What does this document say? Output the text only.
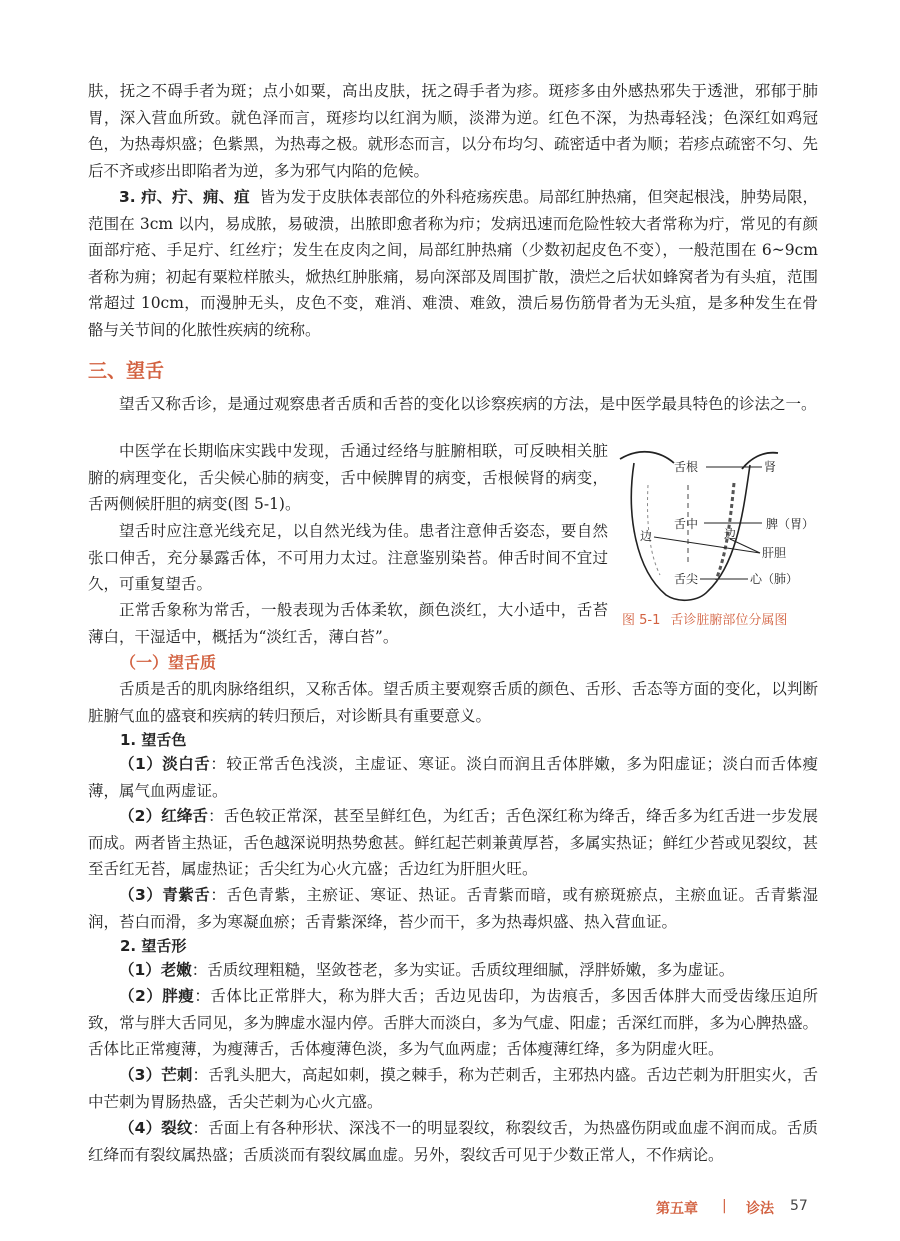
肤，抚之不碍手者为斑；点小如粟，高出皮肤，抚之碍手者为疹。斑疹多由外感热邪失于透泄，邪郁于肺胃，深入营血所致。就色泽而言，斑疹均以红润为顺，淡滞为逆。红色不深，为热毒轻浅；色深红如鸡冠色，为热毒炽盛；色紫黑，为热毒之极。就形态而言，以分布均匀、疏密适中者为顺；若疹点疏密不匀、先后不齐或疹出即陷者为逆，多为邪气内陷的危候。

3. 疖、疔、痈、疽 皆为发于皮肤体表部位的外科疮疡疾患。局部红肿热痛，但突起根浅，肿势局限，范围在 3cm 以内，易成脓，易破溃，出脓即愈者称为疖；发病迅速而危险性较大者常称为疔，常见的有颜面部疔疮、手足疔、红丝疔；发生在皮肉之间，局部红肿热痛（少数初起皮色不变），一般范围在 6~9cm 者称为痈；初起有粟粒样脓头，焮热红肿胀痛，易向深部及周围扩散，溃烂之后状如蜂窝者为有头疽，范围常超过 10cm，而漫肿无头，皮色不变，难消、难溃、难敛，溃后易伤筋骨者为无头疽，是多种发生在骨骼与关节间的化脓性疾病的统称。

三、望舌

望舌又称舌诊，是通过观察患者舌质和舌苔的变化以诊察疾病的方法，是中医学最具特色的诊法之一。

中医学在长期临床实践中发现，舌通过经络与脏腑相联，可反映相关脏腑的病理变化，舌尖候心肺的病变，舌中候脾胃的病变，舌根候肾的病变，舌两侧候肝胆的病变(图 5-1)。

望舌时应注意光线充足，以自然光线为佳。患者注意伸舌姿态，要自然张口伸舌，充分暴露舌体，不可用力太过。注意鉴别染苔。伸舌时间不宜过久，可重复望舌。

正常舌象称为常舌，一般表现为舌体柔软，颜色淡红，大小适中，舌苔薄白，干湿适中，概括为“淡红舌，薄白苔”。

舌根	肾
舌中	脾（胃）
边	边
肝胆
舌尖	心（肺）
图 5-1 舌诊脏腑部位分属图
（一）望舌质

舌质是舌的肌肉脉络组织，又称舌体。望舌质主要观察舌质的颜色、舌形、舌态等方面的变化，以判断脏腑气血的盛衰和疾病的转归预后，对诊断具有重要意义。

1. 望舌色

（1）淡白舌：较正常舌色浅淡，主虚证、寒证。淡白而润且舌体胖嫩，多为阳虚证；淡白而舌体瘦薄，属气血两虚证。

（2）红绛舌：舌色较正常深，甚至呈鲜红色，为红舌；舌色深红称为绛舌，绛舌多为红舌进一步发展而成。两者皆主热证，舌色越深说明热势愈甚。鲜红起芒刺兼黄厚苔，多属实热证；鲜红少苔或见裂纹，甚至舌红无苔，属虚热证；舌尖红为心火亢盛；舌边红为肝胆火旺。

（3）青紫舌：舌色青紫，主瘀证、寒证、热证。舌青紫而暗，或有瘀斑瘀点，主瘀血证。舌青紫湿润，苔白而滑，多为寒凝血瘀；舌青紫深绛，苔少而干，多为热毒炽盛、热入营血证。

2. 望舌形

（1）老嫩：舌质纹理粗糙，坚敛苍老，多为实证。舌质纹理细腻，浮胖娇嫩，多为虚证。

（2）胖瘦：舌体比正常胖大，称为胖大舌；舌边见齿印，为齿痕舌，多因舌体胖大而受齿缘压迫所致，常与胖大舌同见，多为脾虚水湿内停。舌胖大而淡白，多为气虚、阳虚；舌深红而胖，多为心脾热盛。舌体比正常瘦薄，为瘦薄舌，舌体瘦薄色淡，多为气血两虚；舌体瘦薄红绛，多为阴虚火旺。

（3）芒刺：舌乳头肥大，高起如刺，摸之棘手，称为芒刺舌，主邪热内盛。舌边芒刺为肝胆实火，舌中芒刺为胃肠热盛，舌尖芒刺为心火亢盛。

（4）裂纹：舌面上有各种形状、深浅不一的明显裂纹，称裂纹舌，为热盛伤阴或血虚不润而成。舌质红绛而有裂纹属热盛；舌质淡而有裂纹属血虚。另外，裂纹舌可见于少数正常人，不作病论。

第五章 | 诊法 57
